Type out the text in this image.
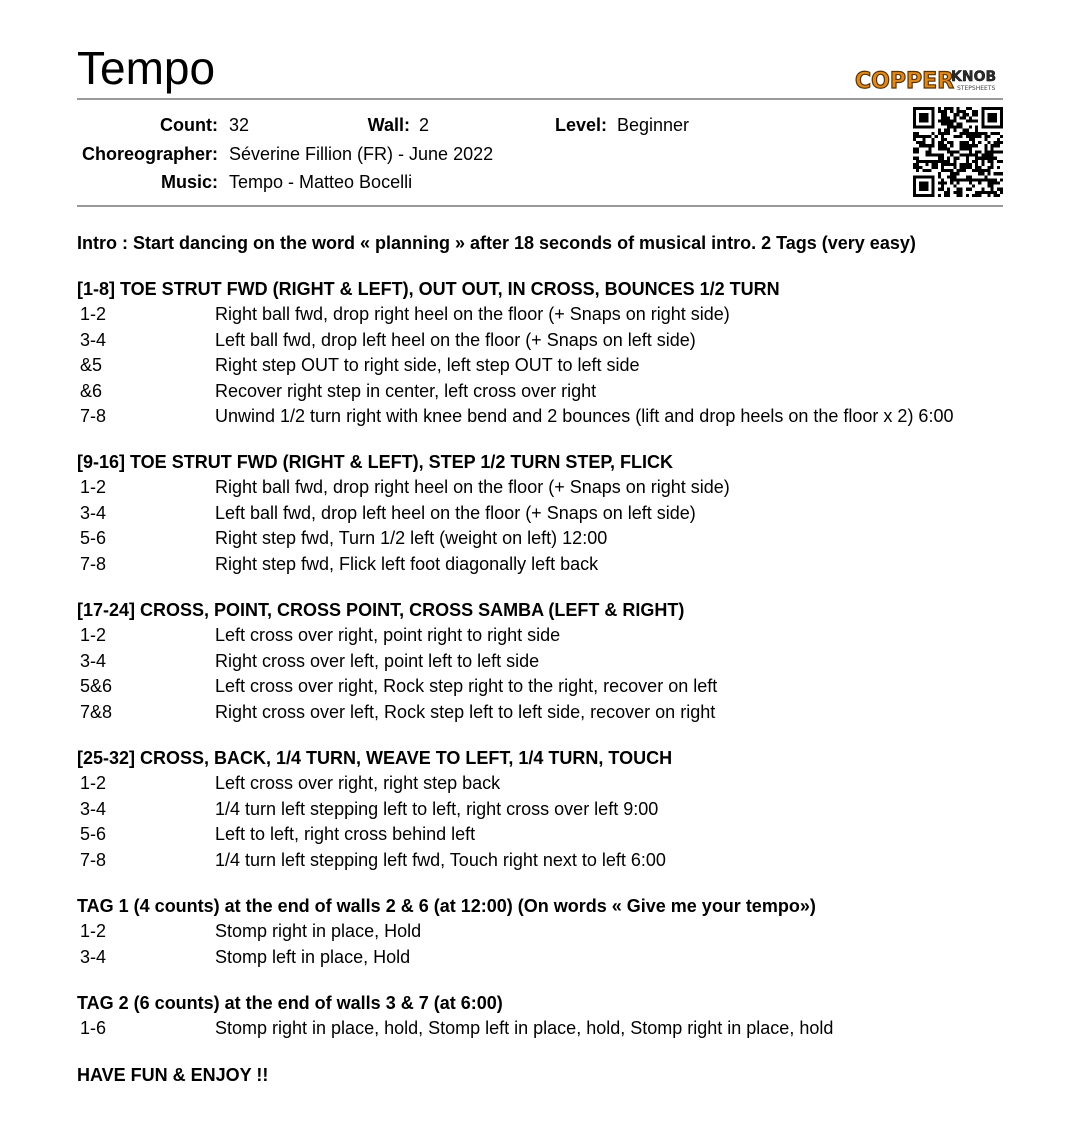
Tempo	COPPER
KNOB
STEPSHEETS
Count: 32	Wall: 2	Level: Beginner
Choreographer: Séverine Fillion (FR) - June 2022
Music: Tempo - Matteo Bocelli
Intro : Start dancing on the word « planning » after 18 seconds of musical intro. 2 Tags (very easy)
[1-8] TOE STRUT FWD (RIGHT & LEFT), OUT OUT, IN CROSS, BOUNCES 1/2 TURN
1-2	Right ball fwd, drop right heel on the floor (+ Snaps on right side)
3-4	Left ball fwd, drop left heel on the floor (+ Snaps on left side)
&5	Right step OUT to right side, left step OUT to left side
&6	Recover right step in center, left cross over right
7-8	Unwind 1/2 turn right with knee bend and 2 bounces (lift and drop heels on the floor x 2) 6:00
[9-16] TOE STRUT FWD (RIGHT & LEFT), STEP 1/2 TURN STEP, FLICK
1-2	Right ball fwd, drop right heel on the floor (+ Snaps on right side)
3-4	Left ball fwd, drop left heel on the floor (+ Snaps on left side)
5-6	Right step fwd, Turn 1/2 left (weight on left) 12:00
7-8	Right step fwd, Flick left foot diagonally left back
[17-24] CROSS, POINT, CROSS POINT, CROSS SAMBA (LEFT & RIGHT)
1-2	Left cross over right, point right to right side
3-4	Right cross over left, point left to left side
5&6	Left cross over right, Rock step right to the right, recover on left
7&8	Right cross over left, Rock step left to left side, recover on right
[25-32] CROSS, BACK, 1/4 TURN, WEAVE TO LEFT, 1/4 TURN, TOUCH
1-2	Left cross over right, right step back
3-4	1/4 turn left stepping left to left, right cross over left 9:00
5-6	Left to left, right cross behind left
7-8	1/4 turn left stepping left fwd, Touch right next to left 6:00
TAG 1 (4 counts) at the end of walls 2 & 6 (at 12:00) (On words « Give me your tempo»)
1-2	Stomp right in place, Hold
3-4	Stomp left in place, Hold
TAG 2 (6 counts) at the end of walls 3 & 7 (at 6:00)
1-6	Stomp right in place, hold, Stomp left in place, hold, Stomp right in place, hold
HAVE FUN & ENJOY !!
